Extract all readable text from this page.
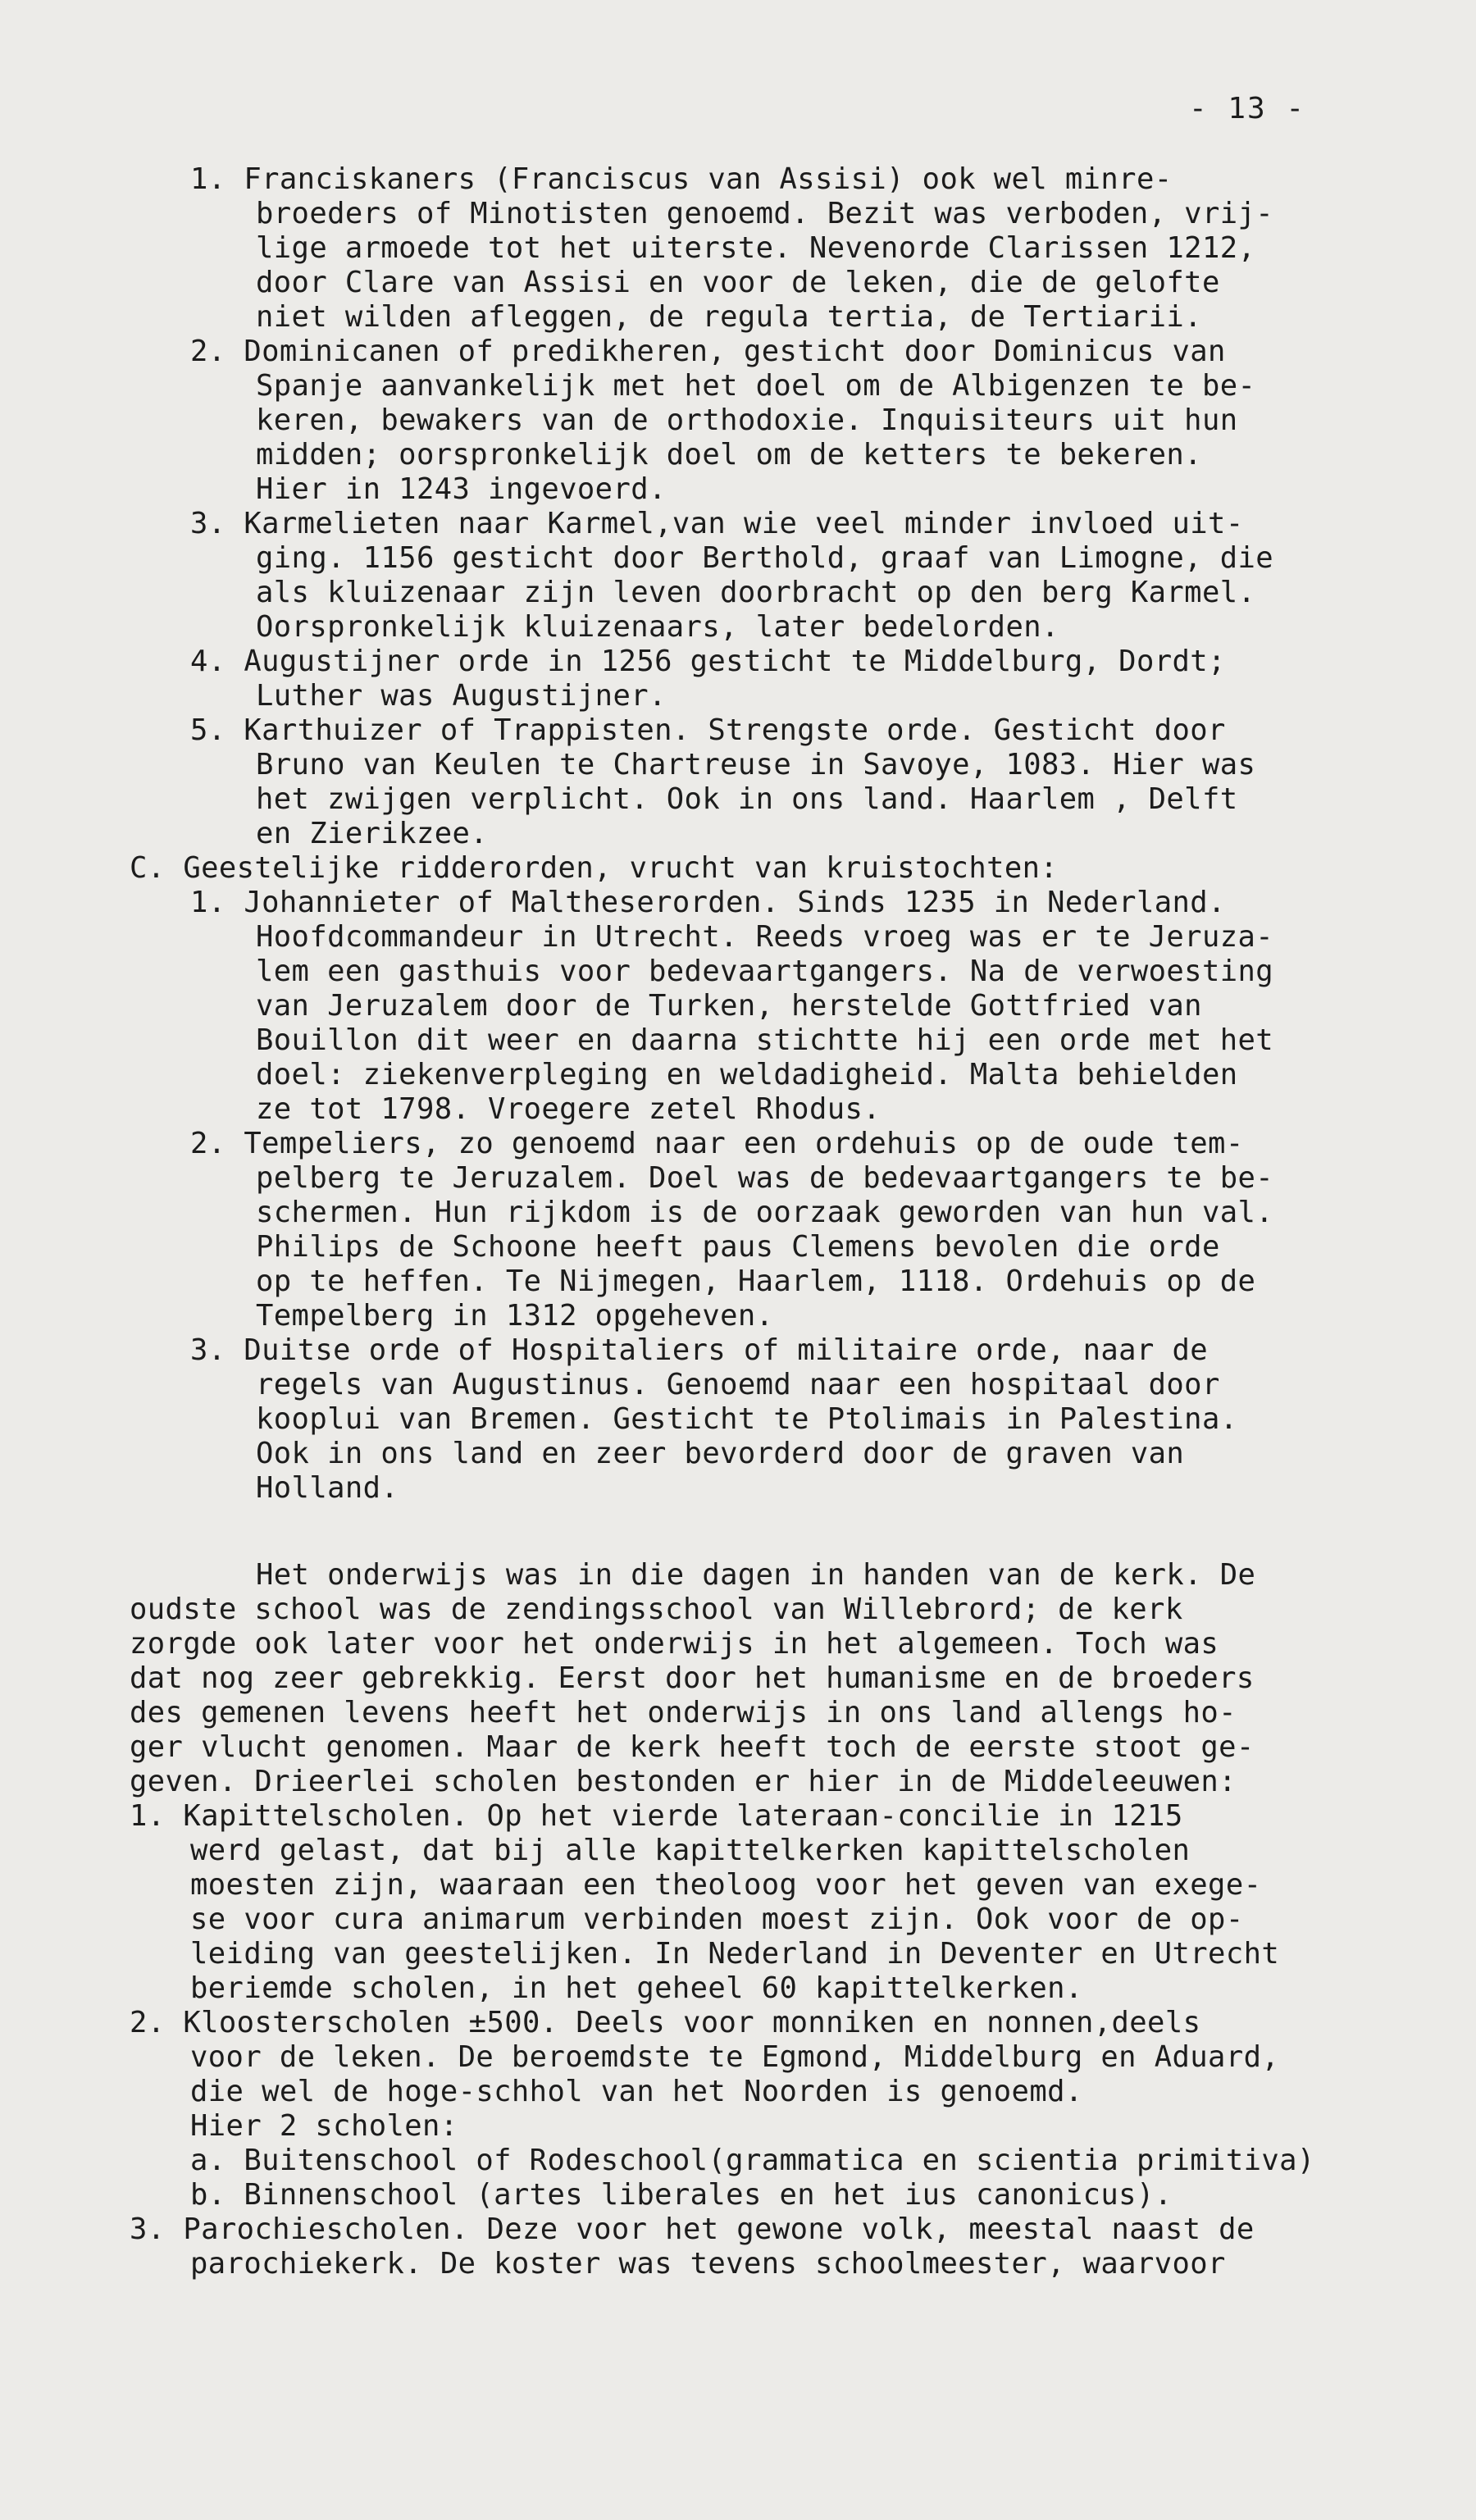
- 13 -
1. Franciskaners (Franciscus van Assisi) ook wel minre-
broeders of Minotisten genoemd. Bezit was verboden, vrij-
lige armoede tot het uiterste. Nevenorde Clarissen 1212,
door Clare van Assisi en voor de leken, die de gelofte
niet wilden afleggen, de regula tertia, de Tertiarii.
2. Dominicanen of predikheren, gesticht door Dominicus van
Spanje aanvankelijk met het doel om de Albigenzen te be-
keren, bewakers van de orthodoxie. Inquisiteurs uit hun
midden; oorspronkelijk doel om de ketters te bekeren.
Hier in 1243 ingevoerd.
3. Karmelieten naar Karmel,van wie veel minder invloed uit-
ging. 1156 gesticht door Berthold, graaf van Limogne, die
als kluizenaar zijn leven doorbracht op den berg Karmel.
Oorspronkelijk kluizenaars, later bedelorden.
4. Augustijner orde in 1256 gesticht te Middelburg, Dordt;
Luther was Augustijner.
5. Karthuizer of Trappisten. Strengste orde. Gesticht door
Bruno van Keulen te Chartreuse in Savoye, 1083. Hier was
het zwijgen verplicht. Ook in ons land. Haarlem , Delft
en Zierikzee.
C. Geestelijke ridderorden, vrucht van kruistochten:
1. Johannieter of Maltheserorden. Sinds 1235 in Nederland.
Hoofdcommandeur in Utrecht. Reeds vroeg was er te Jeruza-
lem een gasthuis voor bedevaartgangers. Na de verwoesting
van Jeruzalem door de Turken, herstelde Gottfried van
Bouillon dit weer en daarna stichtte hij een orde met het
doel: ziekenverpleging en weldadigheid. Malta behielden
ze tot 1798. Vroegere zetel Rhodus.
2. Tempeliers, zo genoemd naar een ordehuis op de oude tem-
pelberg te Jeruzalem. Doel was de bedevaartgangers te be-
schermen. Hun rijkdom is de oorzaak geworden van hun val.
Philips de Schoone heeft paus Clemens bevolen die orde
op te heffen. Te Nijmegen, Haarlem, 1118. Ordehuis op de
Tempelberg in 1312 opgeheven.
3. Duitse orde of Hospitaliers of militaire orde, naar de
regels van Augustinus. Genoemd naar een hospitaal door
kooplui van Bremen. Gesticht te Ptolimais in Palestina.
Ook in ons land en zeer bevorderd door de graven van
Holland.
Het onderwijs was in die dagen in handen van de kerk. De
oudste school was de zendingsschool van Willebrord; de kerk
zorgde ook later voor het onderwijs in het algemeen. Toch was
dat nog zeer gebrekkig. Eerst door het humanisme en de broeders
des gemenen levens heeft het onderwijs in ons land allengs ho-
ger vlucht genomen. Maar de kerk heeft toch de eerste stoot ge-
geven. Drieerlei scholen bestonden er hier in de Middeleeuwen:
1. Kapittelscholen. Op het vierde lateraan-concilie in 1215
werd gelast, dat bij alle kapittelkerken kapittelscholen
moesten zijn, waaraan een theoloog voor het geven van exege-
se voor cura animarum verbinden moest zijn. Ook voor de op-
leiding van geestelijken. In Nederland in Deventer en Utrecht
beriemde scholen, in het geheel 60 kapittelkerken.
2. Kloosterscholen ±500. Deels voor monniken en nonnen,deels
voor de leken. De beroemdste te Egmond, Middelburg en Aduard,
die wel de hoge-schhol van het Noorden is genoemd.
Hier 2 scholen:
a. Buitenschool of Rodeschool(grammatica en scientia primitiva)
b. Binnenschool (artes liberales en het ius canonicus).
3. Parochiescholen. Deze voor het gewone volk, meestal naast de
parochiekerk. De koster was tevens schoolmeester, waarvoor
